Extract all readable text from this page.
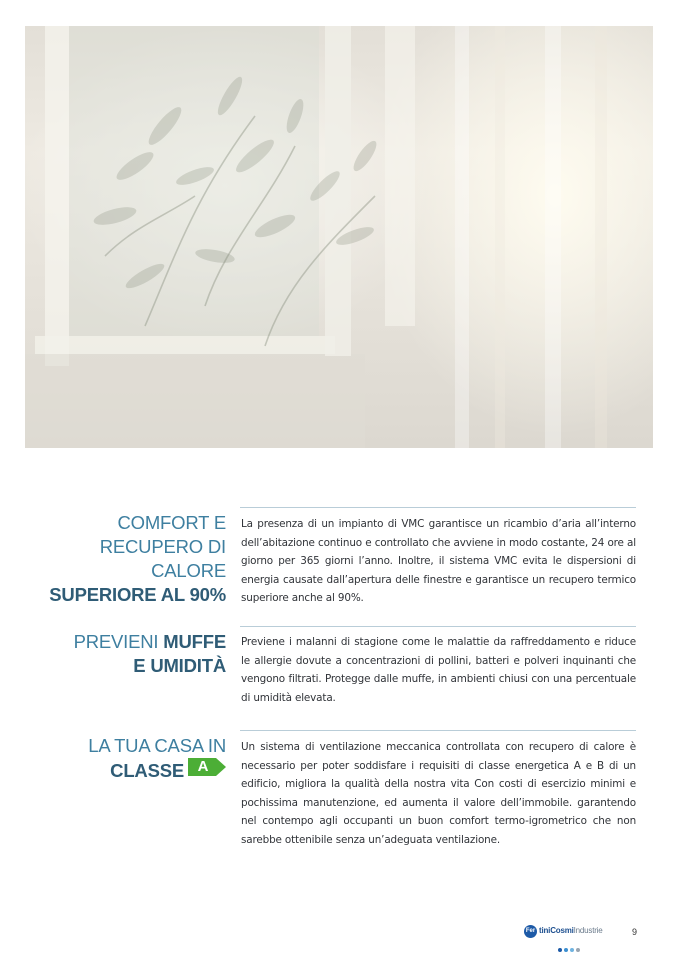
COMFORT E
RECUPERO DI CALORE
SUPERIORE AL 90%
La presenza di un impianto di VMC garantisce un ricambio d’aria all’interno dell’abitazione continuo e controllato che avviene in modo costante, 24 ore al giorno per 365 giorni l’anno. Inoltre, il sistema VMC evita le dispersioni di energia causate dall’apertura delle finestre e garantisce un recupero termico superiore anche al 90%.
PREVIENI MUFFE
E UMIDITÀ
Previene i malanni di stagione come le malattie da raffreddamento e riduce le allergie dovute a concentrazioni di pollini, batteri e polveri inquinanti che vengono filtrati. Protegge dalle muffe, in ambienti chiusi con una percentuale di umidità elevata.
LA TUA CASA IN
CLASSE A
Un sistema di ventilazione meccanica controllata con recupero di calore è necessario per poter soddisfare i requisiti di classe energetica A e B di un edificio, migliora la qualità della nostra vita Con costi di esercizio minimi e pochissima manutenzione, ed aumenta il valore dell’immobile. garantendo nel contempo agli occupanti un buon comfort termo-igrometrico che non sarebbe ottenibile senza un’adeguata ventilazione.
Fer tiniCosmiIndustrie	9
